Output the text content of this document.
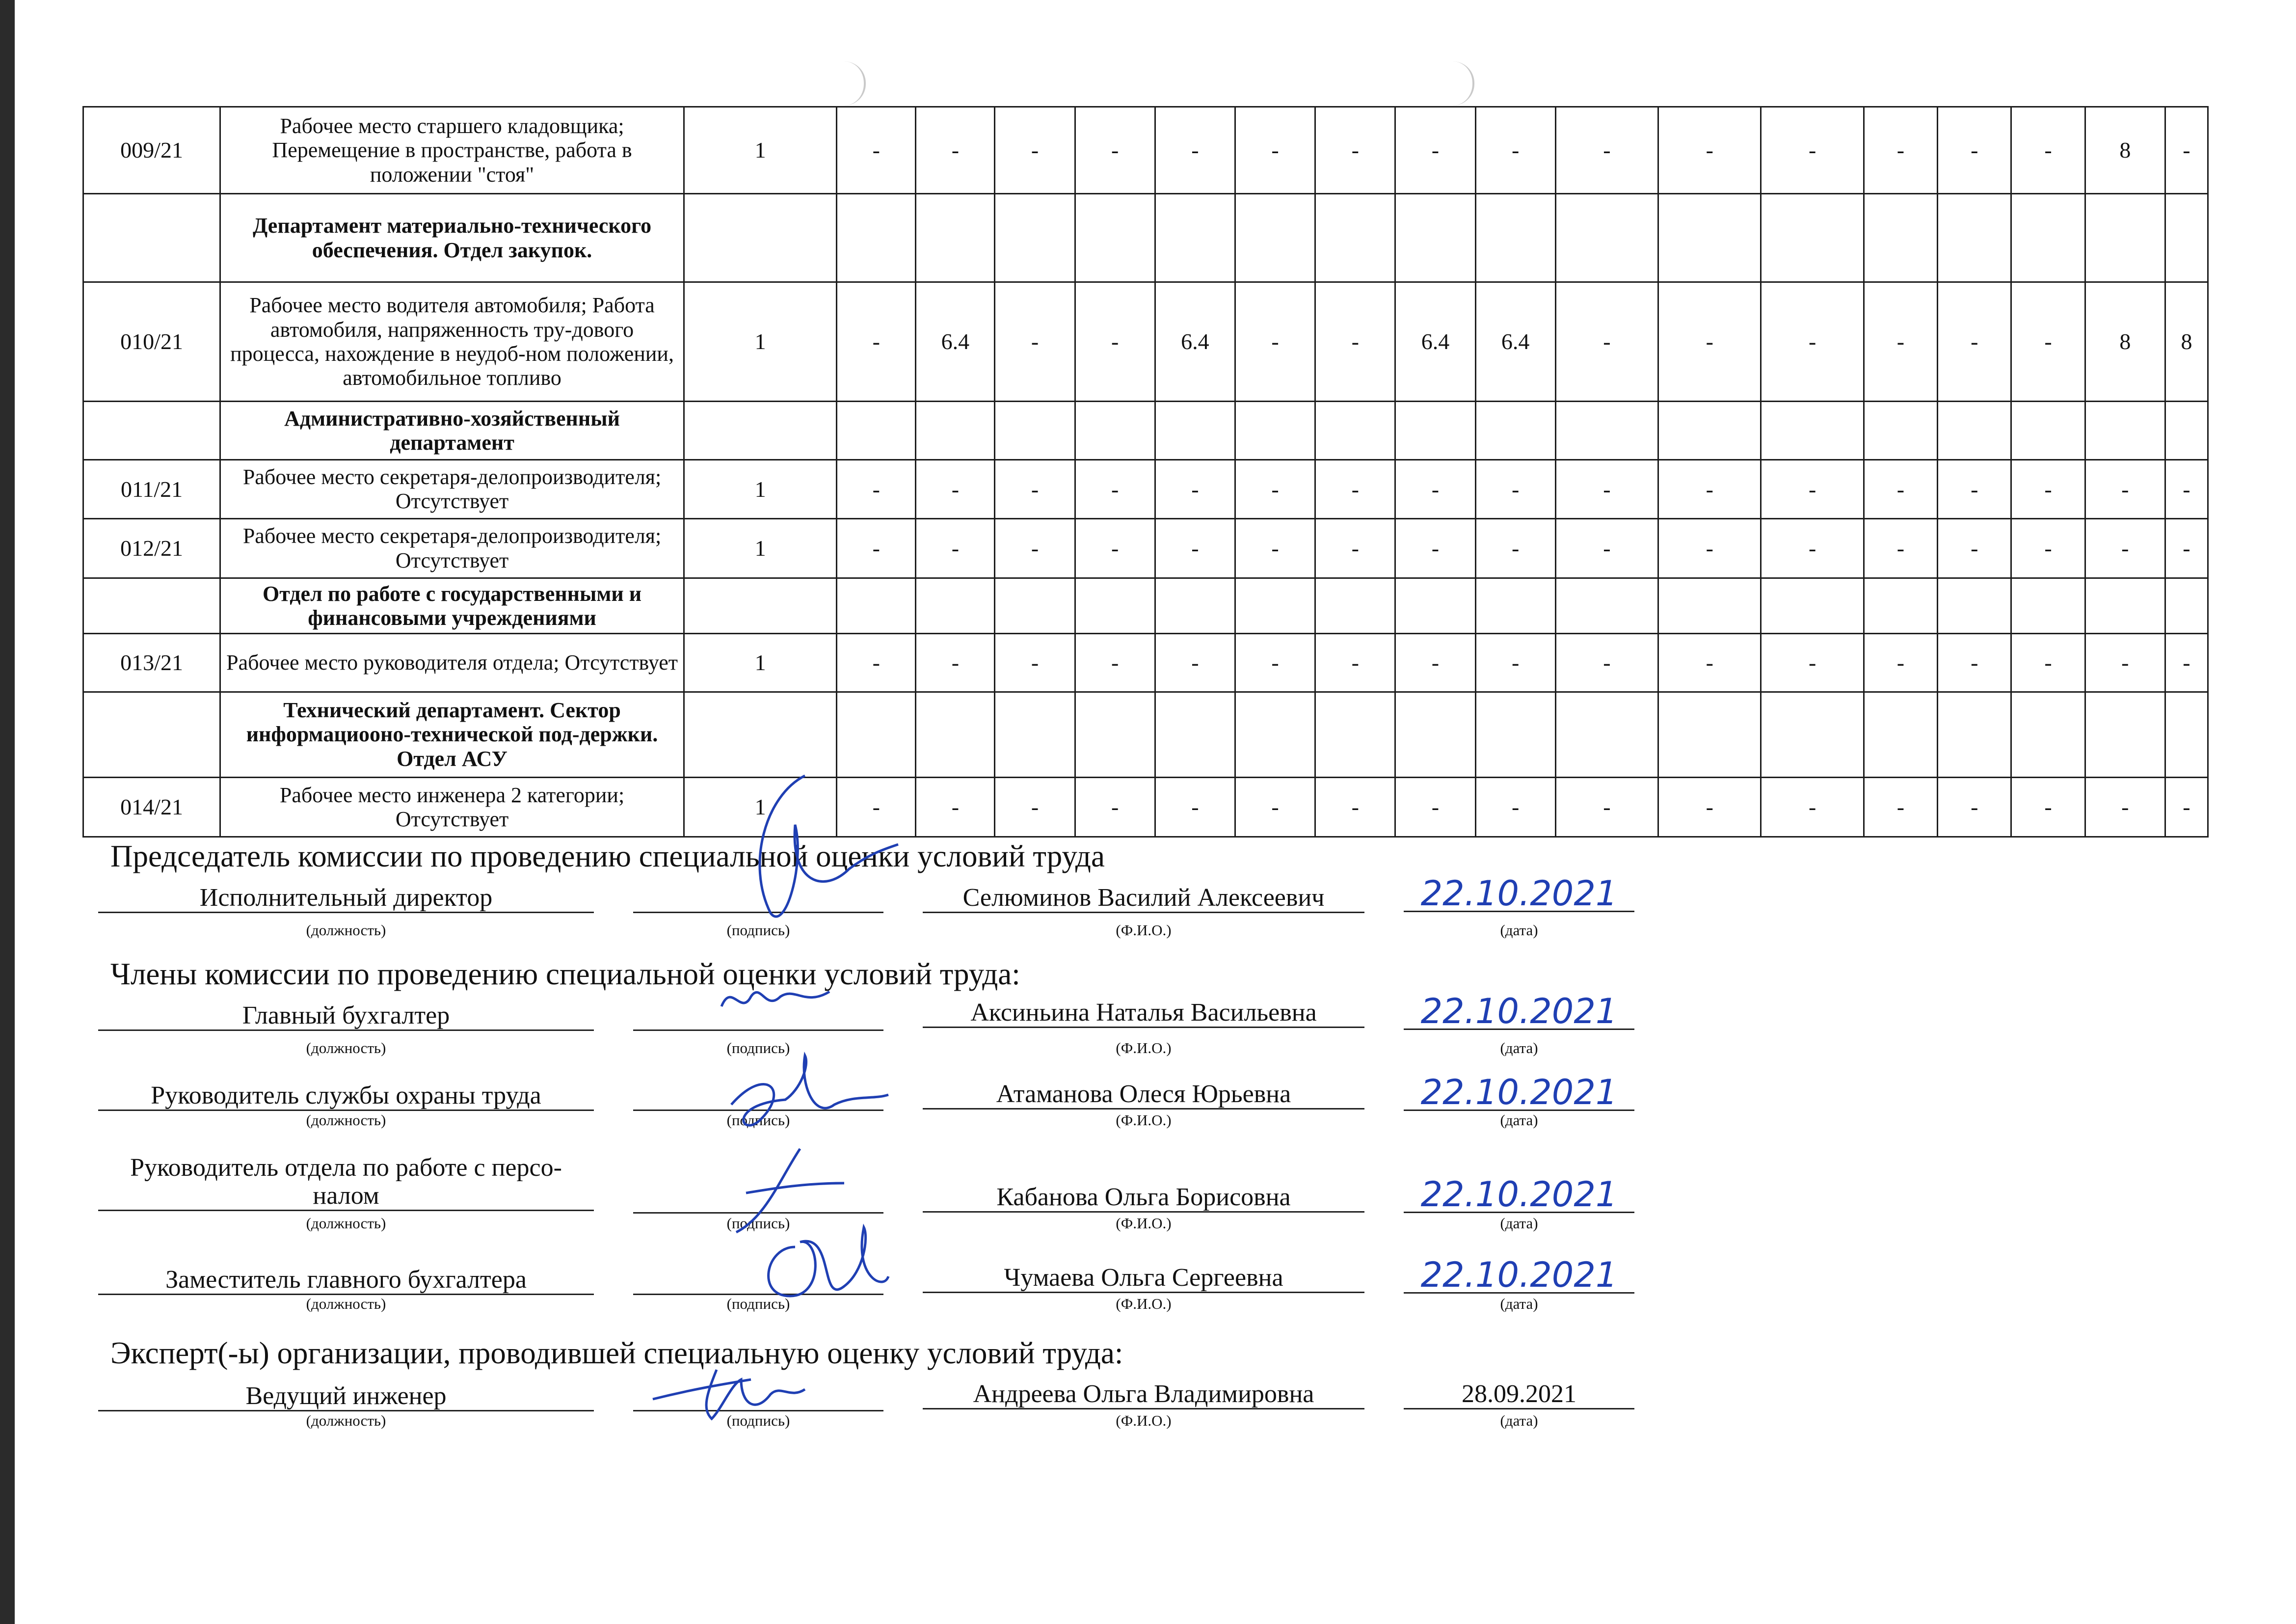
009/21	Рабочее место старшего кладовщика; Перемещение в пространстве, работа в положении "стоя"	1	-	-	-	-	-	-	-	-	-	-	-	-	-	-	-	8	-
	Департамент материально-технического обеспечения. Отдел закупок.																		
010/21	Рабочее место водителя автомобиля; Работа автомобиля, напряженность тру-дового процесса, нахождение в неудоб-ном положении, автомобильное топливо	1	-	6.4	-	-	6.4	-	-	6.4	6.4	-	-	-	-	-	-	8	8
	Административно-хозяйственный департамент																		
011/21	Рабочее место секретаря-делопроизводителя; Отсутствует	1	-	-	-	-	-	-	-	-	-	-	-	-	-	-	-	-	-
012/21	Рабочее место секретаря-делопроизводителя; Отсутствует	1	-	-	-	-	-	-	-	-	-	-	-	-	-	-	-	-	-
	Отдел по работе с государственными и финансовыми учреждениями																		
013/21	Рабочее место руководителя отдела; Отсутствует	1	-	-	-	-	-	-	-	-	-	-	-	-	-	-	-	-	-
	Технический департамент. Сектор информациооно-технической под-держки. Отдел АСУ																		
014/21	Рабочее место инженера 2 категории; Отсутствует	1	-	-	-	-	-	-	-	-	-	-	-	-	-	-	-	-	-
Председатель комиссии по проведению специальной оценки условий труда
Исполнительный директор	Селюминов Василий Алексеевич	22.10.2021
(должность)	(подпись)	(Ф.И.О.)	(дата)
Члены комиссии по проведению специальной оценки условий труда:
Главный бухгалтер	Аксиньина Наталья Васильевна	22.10.2021
(должность)	(подпись)	(Ф.И.О.)	(дата)
Руководитель службы охраны труда	Атаманова Олеся Юрьевна	22.10.2021
(должность)	(подпись)	(Ф.И.О.)	(дата)
Руководитель отдела по работе с персо-налом	Кабанова Ольга Борисовна	22.10.2021
(должность)	(подпись)	(Ф.И.О.)	(дата)
Заместитель главного бухгалтера	Чумаева Ольга Сергеевна	22.10.2021
(должность)	(подпись)	(Ф.И.О.)	(дата)
Эксперт(-ы) организации, проводившей специальную оценку условий труда:
Ведущий инженер	Андреева Ольга Владимировна	28.09.2021
(должность)	(подпись)	(Ф.И.О.)	(дата)
